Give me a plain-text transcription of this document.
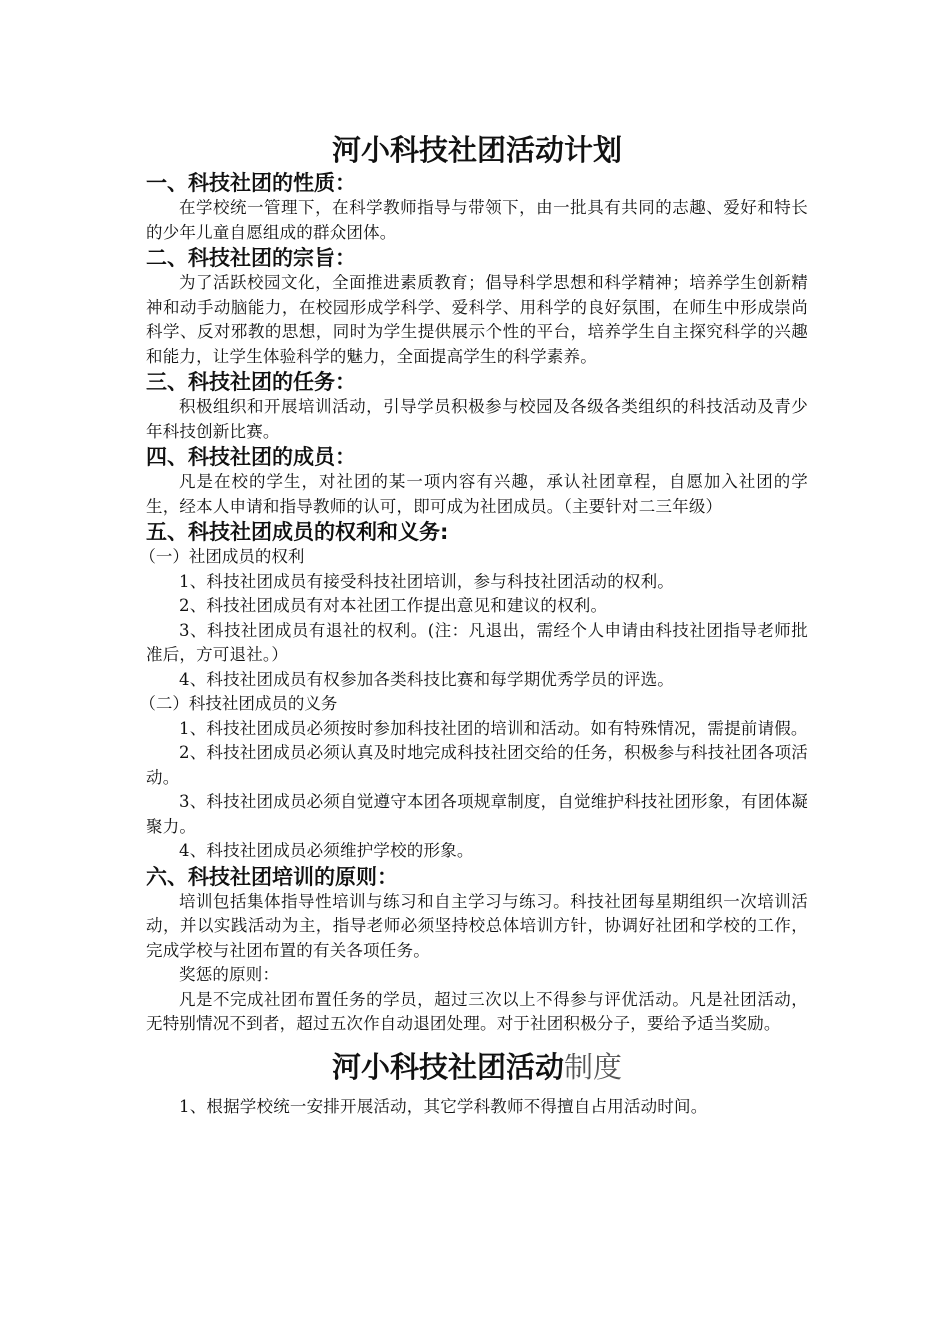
河小科技社团活动计划
一、科技社团的性质：

在学校统一管理下，在科学教师指导与带领下，由一批具有共同的志趣、爱好和特长的少年儿童自愿组成的群众团体。

二、科技社团的宗旨：

为了活跃校园文化，全面推进素质教育；倡导科学思想和科学精神；培养学生创新精神和动手动脑能力，在校园形成学科学、爱科学、用科学的良好氛围，在师生中形成崇尚科学、反对邪教的思想，同时为学生提供展示个性的平台，培养学生自主探究科学的兴趣和能力，让学生体验科学的魅力，全面提高学生的科学素养。

三、科技社团的任务：

积极组织和开展培训活动，引导学员积极参与校园及各级各类组织的科技活动及青少年科技创新比赛。

四、科技社团的成员：

凡是在校的学生，对社团的某一项内容有兴趣，承认社团章程，自愿加入社团的学生，经本人申请和指导教师的认可，即可成为社团成员。（主要针对二三年级）

五、科技社团成员的权利和义务:

（一）社团成员的权利

1、科技社团成员有接受科技社团培训，参与科技社团活动的权利。

2、科技社团成员有对本社团工作提出意见和建议的权利。

3、科技社团成员有退社的权利。(注：凡退出，需经个人申请由科技社团指导老师批准后，方可退社。）

4、科技社团成员有权参加各类科技比赛和每学期优秀学员的评选。

（二）科技社团成员的义务

1、科技社团成员必须按时参加科技社团的培训和活动。如有特殊情况，需提前请假。

2、科技社团成员必须认真及时地完成科技社团交给的任务，积极参与科技社团各项活动。

3、科技社团成员必须自觉遵守本团各项规章制度，自觉维护科技社团形象，有团体凝聚力。

4、科技社团成员必须维护学校的形象。

六、科技社团培训的原则：

培训包括集体指导性培训与练习和自主学习与练习。科技社团每星期组织一次培训活动，并以实践活动为主，指导老师必须坚持校总体培训方针，协调好社团和学校的工作，完成学校与社团布置的有关各项任务。

奖惩的原则：

凡是不完成社团布置任务的学员，超过三次以上不得参与评优活动。凡是社团活动，无特别情况不到者，超过五次作自动退团处理。对于社团积极分子，要给予适当奖励。

河小科技社团活动制度

1、根据学校统一安排开展活动，其它学科教师不得擅自占用活动时间。
